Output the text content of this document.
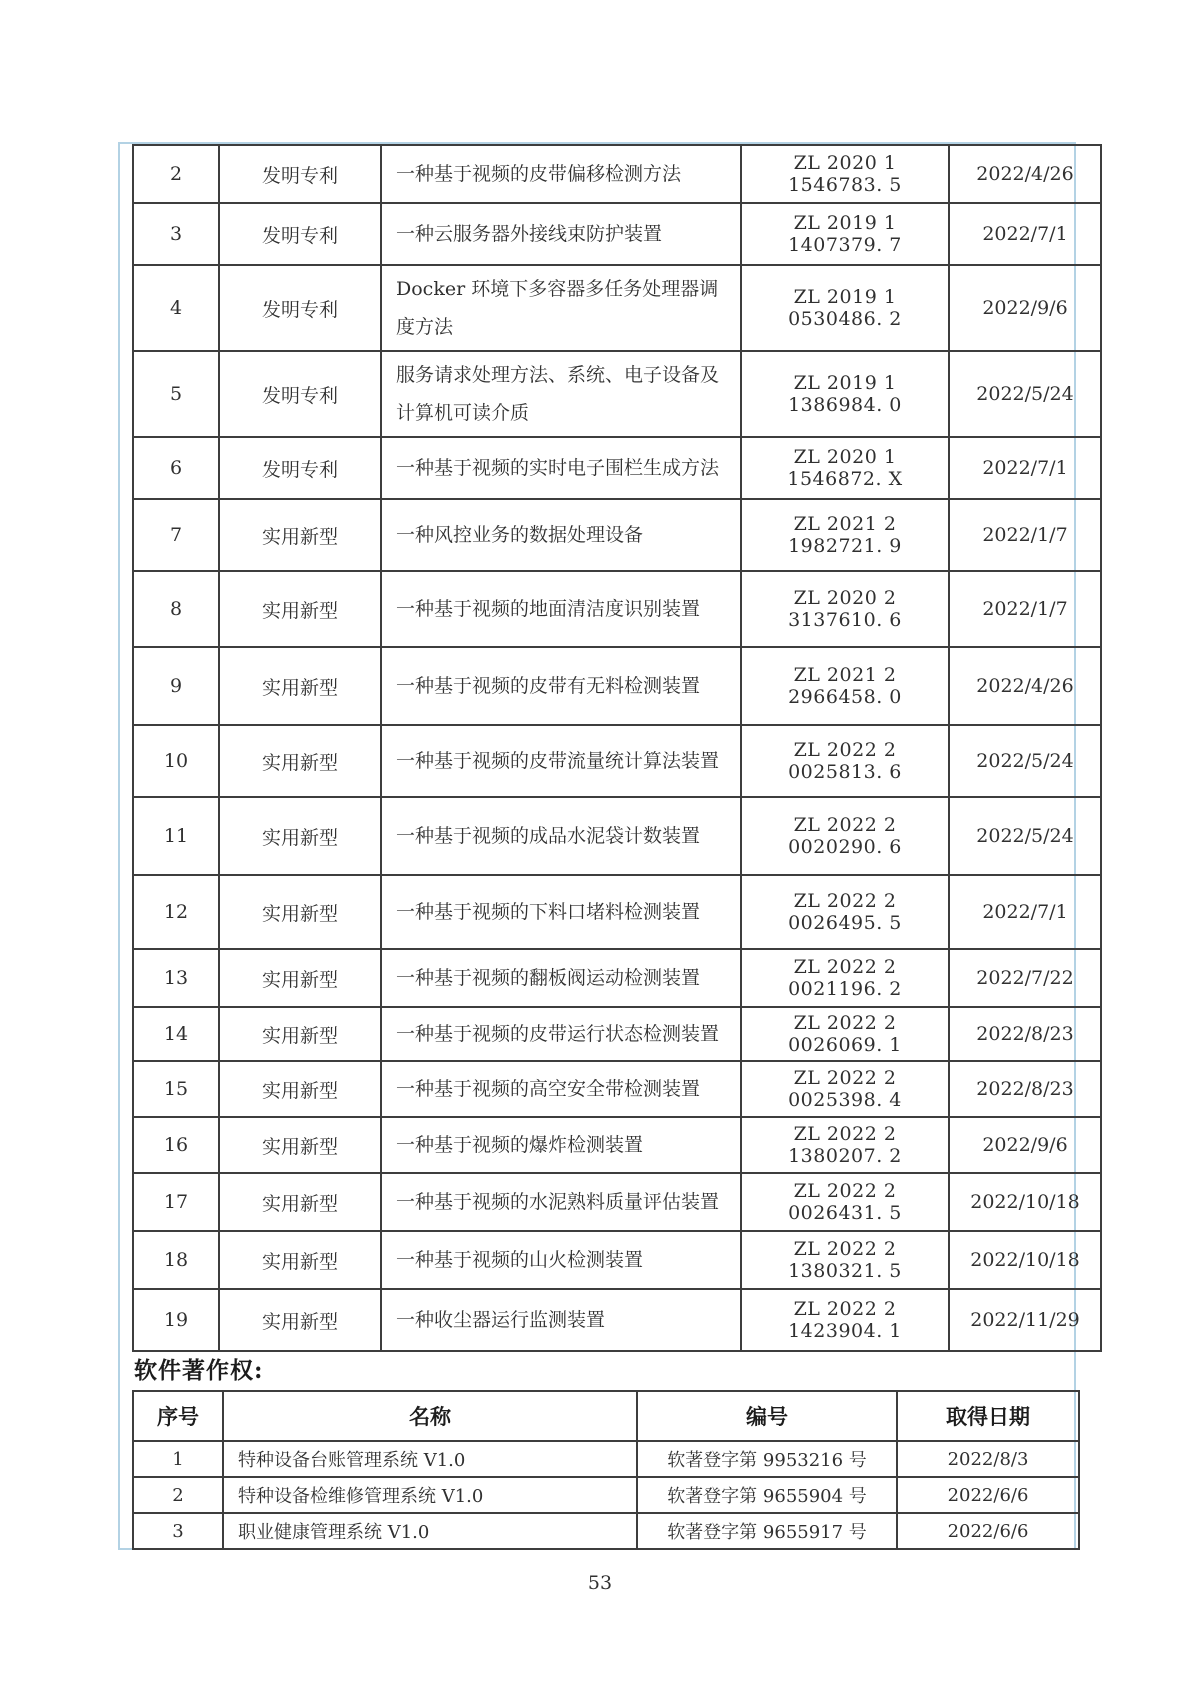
2	发明专利	一种基于视频的皮带偏移检测方法	ZL 2020 1 1546783. 5	2022/4/26
3	发明专利	一种云服务器外接线束防护装置	ZL 2019 1 1407379. 7	2022/7/1
4	发明专利	Docker 环境下多容器多任务处理器调度方法	ZL 2019 1 0530486. 2	2022/9/6
5	发明专利	服务请求处理方法、系统、电子设备及计算机可读介质	ZL 2019 1 1386984. 0	2022/5/24
6	发明专利	一种基于视频的实时电子围栏生成方法	ZL 2020 1 1546872. X	2022/7/1
7	实用新型	一种风控业务的数据处理设备	ZL 2021 2 1982721. 9	2022/1/7
8	实用新型	一种基于视频的地面清洁度识别装置	ZL 2020 2 3137610. 6	2022/1/7
9	实用新型	一种基于视频的皮带有无料检测装置	ZL 2021 2 2966458. 0	2022/4/26
10	实用新型	一种基于视频的皮带流量统计算法装置	ZL 2022 2 0025813. 6	2022/5/24
11	实用新型	一种基于视频的成品水泥袋计数装置	ZL 2022 2 0020290. 6	2022/5/24
12	实用新型	一种基于视频的下料口堵料检测装置	ZL 2022 2 0026495. 5	2022/7/1
13	实用新型	一种基于视频的翻板阀运动检测装置	ZL 2022 2 0021196. 2	2022/7/22
14	实用新型	一种基于视频的皮带运行状态检测装置	ZL 2022 2 0026069. 1	2022/8/23
15	实用新型	一种基于视频的高空安全带检测装置	ZL 2022 2 0025398. 4	2022/8/23
16	实用新型	一种基于视频的爆炸检测装置	ZL 2022 2 1380207. 2	2022/9/6
17	实用新型	一种基于视频的水泥熟料质量评估装置	ZL 2022 2 0026431. 5	2022/10/18
18	实用新型	一种基于视频的山火检测装置	ZL 2022 2 1380321. 5	2022/10/18
19	实用新型	一种收尘器运行监测装置	ZL 2022 2 1423904. 1	2022/11/29
软件著作权:
序号	名称	编号	取得日期
1	特种设备台账管理系统 V1.0	软著登字第 9953216 号	2022/8/3
2	特种设备检维修管理系统 V1.0	软著登字第 9655904 号	2022/6/6
3	职业健康管理系统 V1.0	软著登字第 9655917 号	2022/6/6
53
